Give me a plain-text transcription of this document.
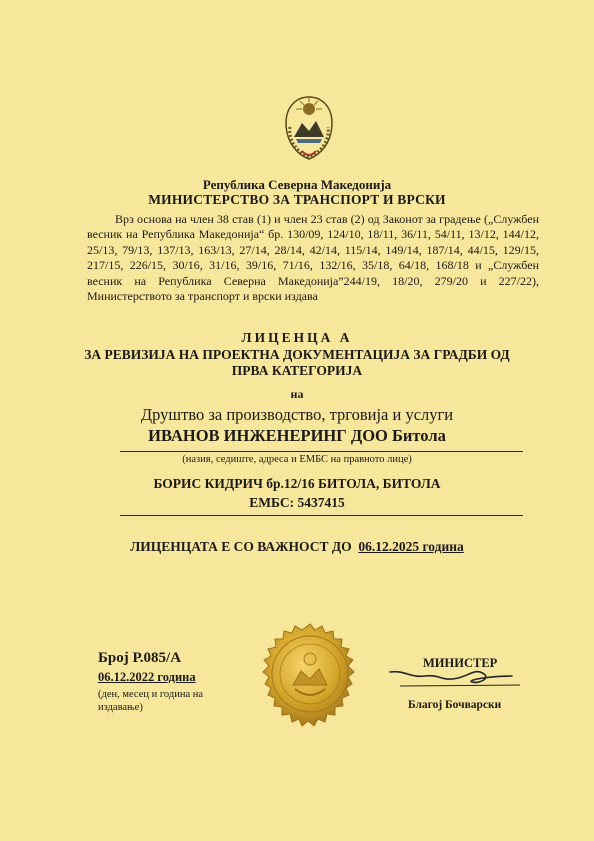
Република Северна Македонија
МИНИСТЕРСТВО ЗА ТРАНСПОРТ И ВРСКИ
Врз основа на член 38 став (1) и член 23 став (2) од Законот за градење („Службен весник на Република Македонија“ бр. 130/09, 124/10, 18/11, 36/11, 54/11, 13/12, 144/12, 25/13, 79/13, 137/13, 163/13, 27/14, 28/14, 42/14, 115/14, 149/14, 187/14, 44/15, 129/15, 217/15, 226/15, 30/16, 31/16, 39/16, 71/16, 132/16, 35/18, 64/18, 168/18 и „Службен весник на Република Северна Македонија”244/19, 18/20, 279/20 и 227/22), Министерството за транспорт и врски издава
ЛИЦЕНЦА А
ЗА РЕВИЗИЈА НА ПРОЕКТНА ДОКУМЕНТАЦИЈА ЗА ГРАДБИ ОД
ПРВА КАТЕГОРИЈА
на
Друштво за производство, трговија и услуги
ИВАНОВ ИНЖЕНЕРИНГ ДОО Битола
(назив, седиште, адреса и ЕМБС на правното лице)
БОРИС КИДРИЧ бр.12/16 БИТОЛА, БИТОЛА
ЕМБС: 5437415
ЛИЦЕНЦАТА Е СО ВАЖНОСТ ДО 06.12.2025 година
Број Р.085/А
06.12.2022 година
(ден, месец и година на издавање)
МИНИСТЕР
Благој Бочварски
